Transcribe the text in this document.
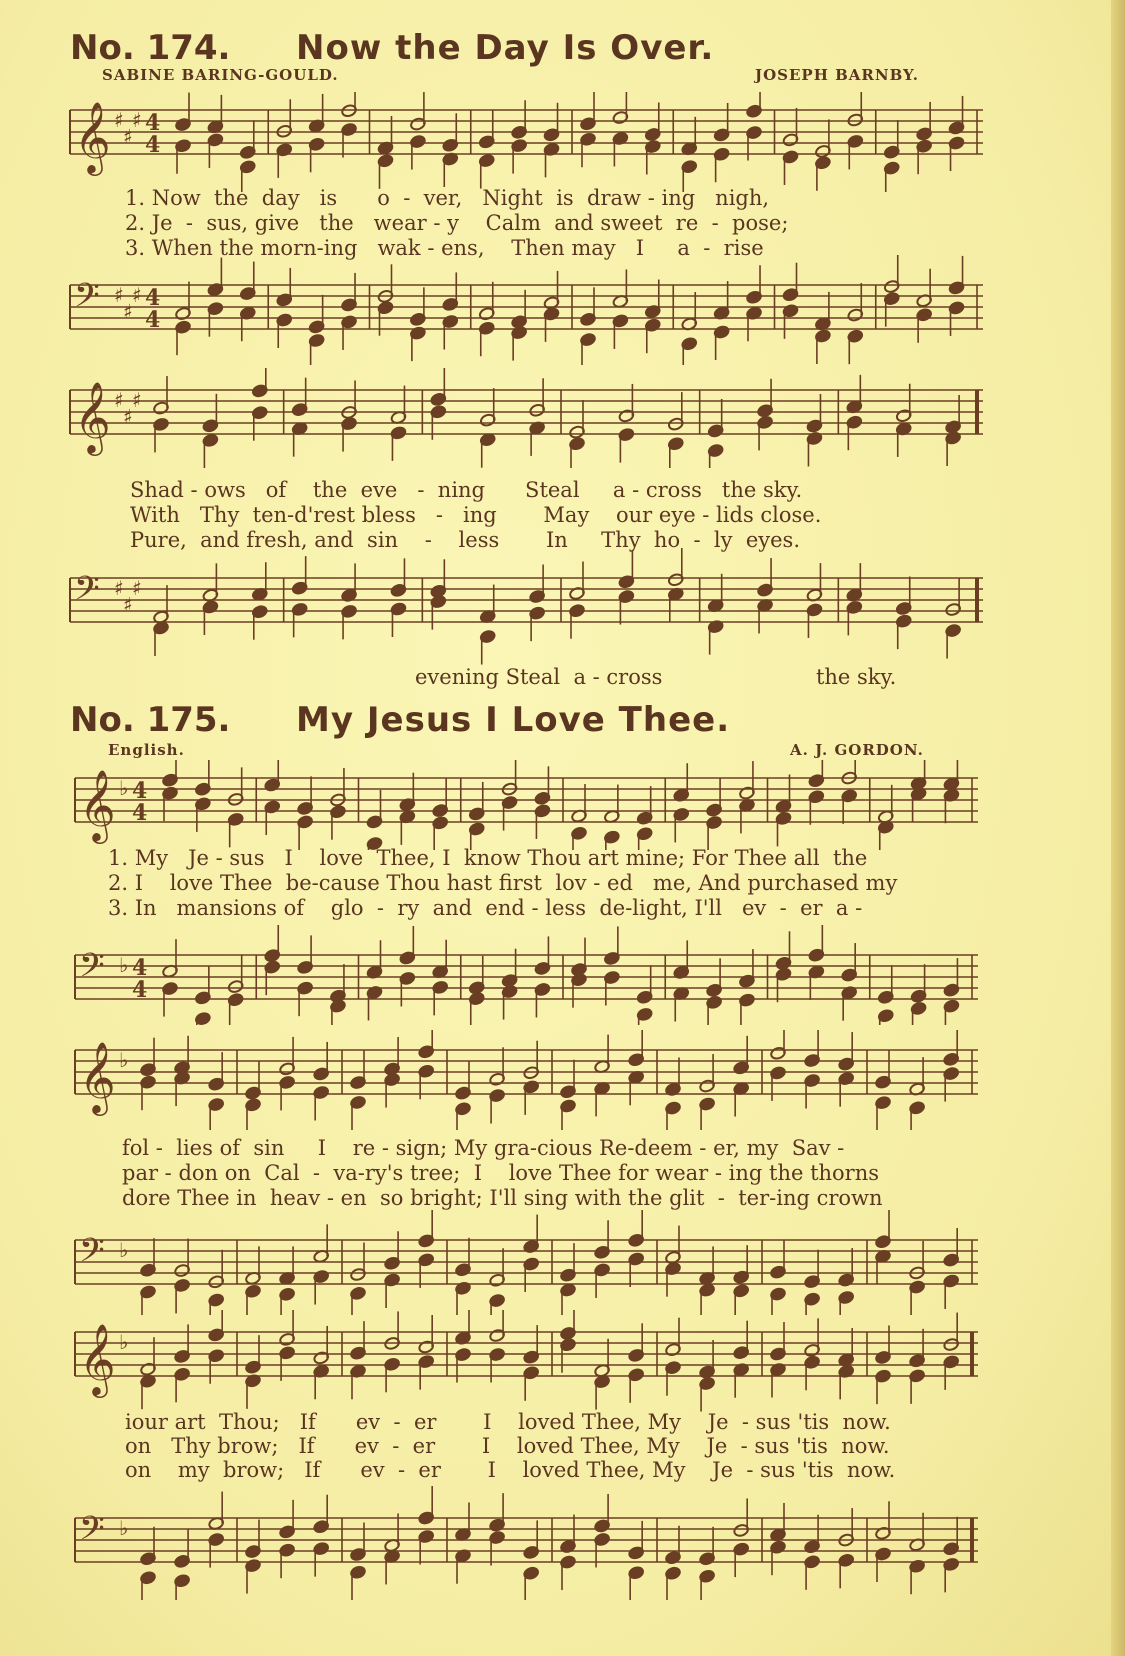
No. 174. Now the Day Is Over.
SABINE BARING-GOULD.	JOSEPH BARNBY.
𝄞 ♯
♯
♯ 4
4
1. Now  the  day   is      o  -  ver,   Night  is  draw - ing   nigh,
2. Je  -  sus, give   the   wear - y    Calm  and sweet  re  -  pose;
3. When the morn-ing   wak - ens,    Then may   I     a  -  rise
𝄢 ♯
♯
♯ 4
4
𝄞 ♯
♯
♯
Shad - ows   of    the  eve   -  ning      Steal     a - cross   the sky.
With   Thy  ten-d'rest bless   -   ing       May    our eye - lids close.
Pure,  and fresh, and  sin    -    less       In     Thy  ho  -  ly  eyes.
𝄢 ♯
♯
♯
evening Steal  a - cross                       the sky.
No. 175. My Jesus I Love Thee.
English.	A. J. GORDON.
𝄞 ♭ 4
4
1. My   Je - sus   I    love  Thee, I  know Thou art mine; For Thee all  the
2. I    love Thee  be-cause Thou hast first  lov - ed   me, And purchased my
3. In   mansions of    glo  -  ry  and  end - less  de-light, I'll   ev  -  er  a -
𝄢 ♭ 4
4
𝄞 ♭
fol -  lies of  sin     I    re - sign; My gra-cious Re-deem - er, my  Sav -
par - don on  Cal  -  va-ry's tree;  I    love Thee for wear - ing the thorns
dore Thee in  heav - en  so bright; I'll sing with the glit  -  ter-ing crown
𝄢 ♭
𝄞 ♭
iour art  Thou;   If      ev  -  er       I    loved Thee, My    Je  - sus 'tis  now.
on   Thy brow;   If      ev  -  er       I    loved Thee, My    Je  - sus 'tis  now.
on    my  brow;   If      ev  -  er       I    loved Thee, My    Je  - sus 'tis  now.
𝄢 ♭
